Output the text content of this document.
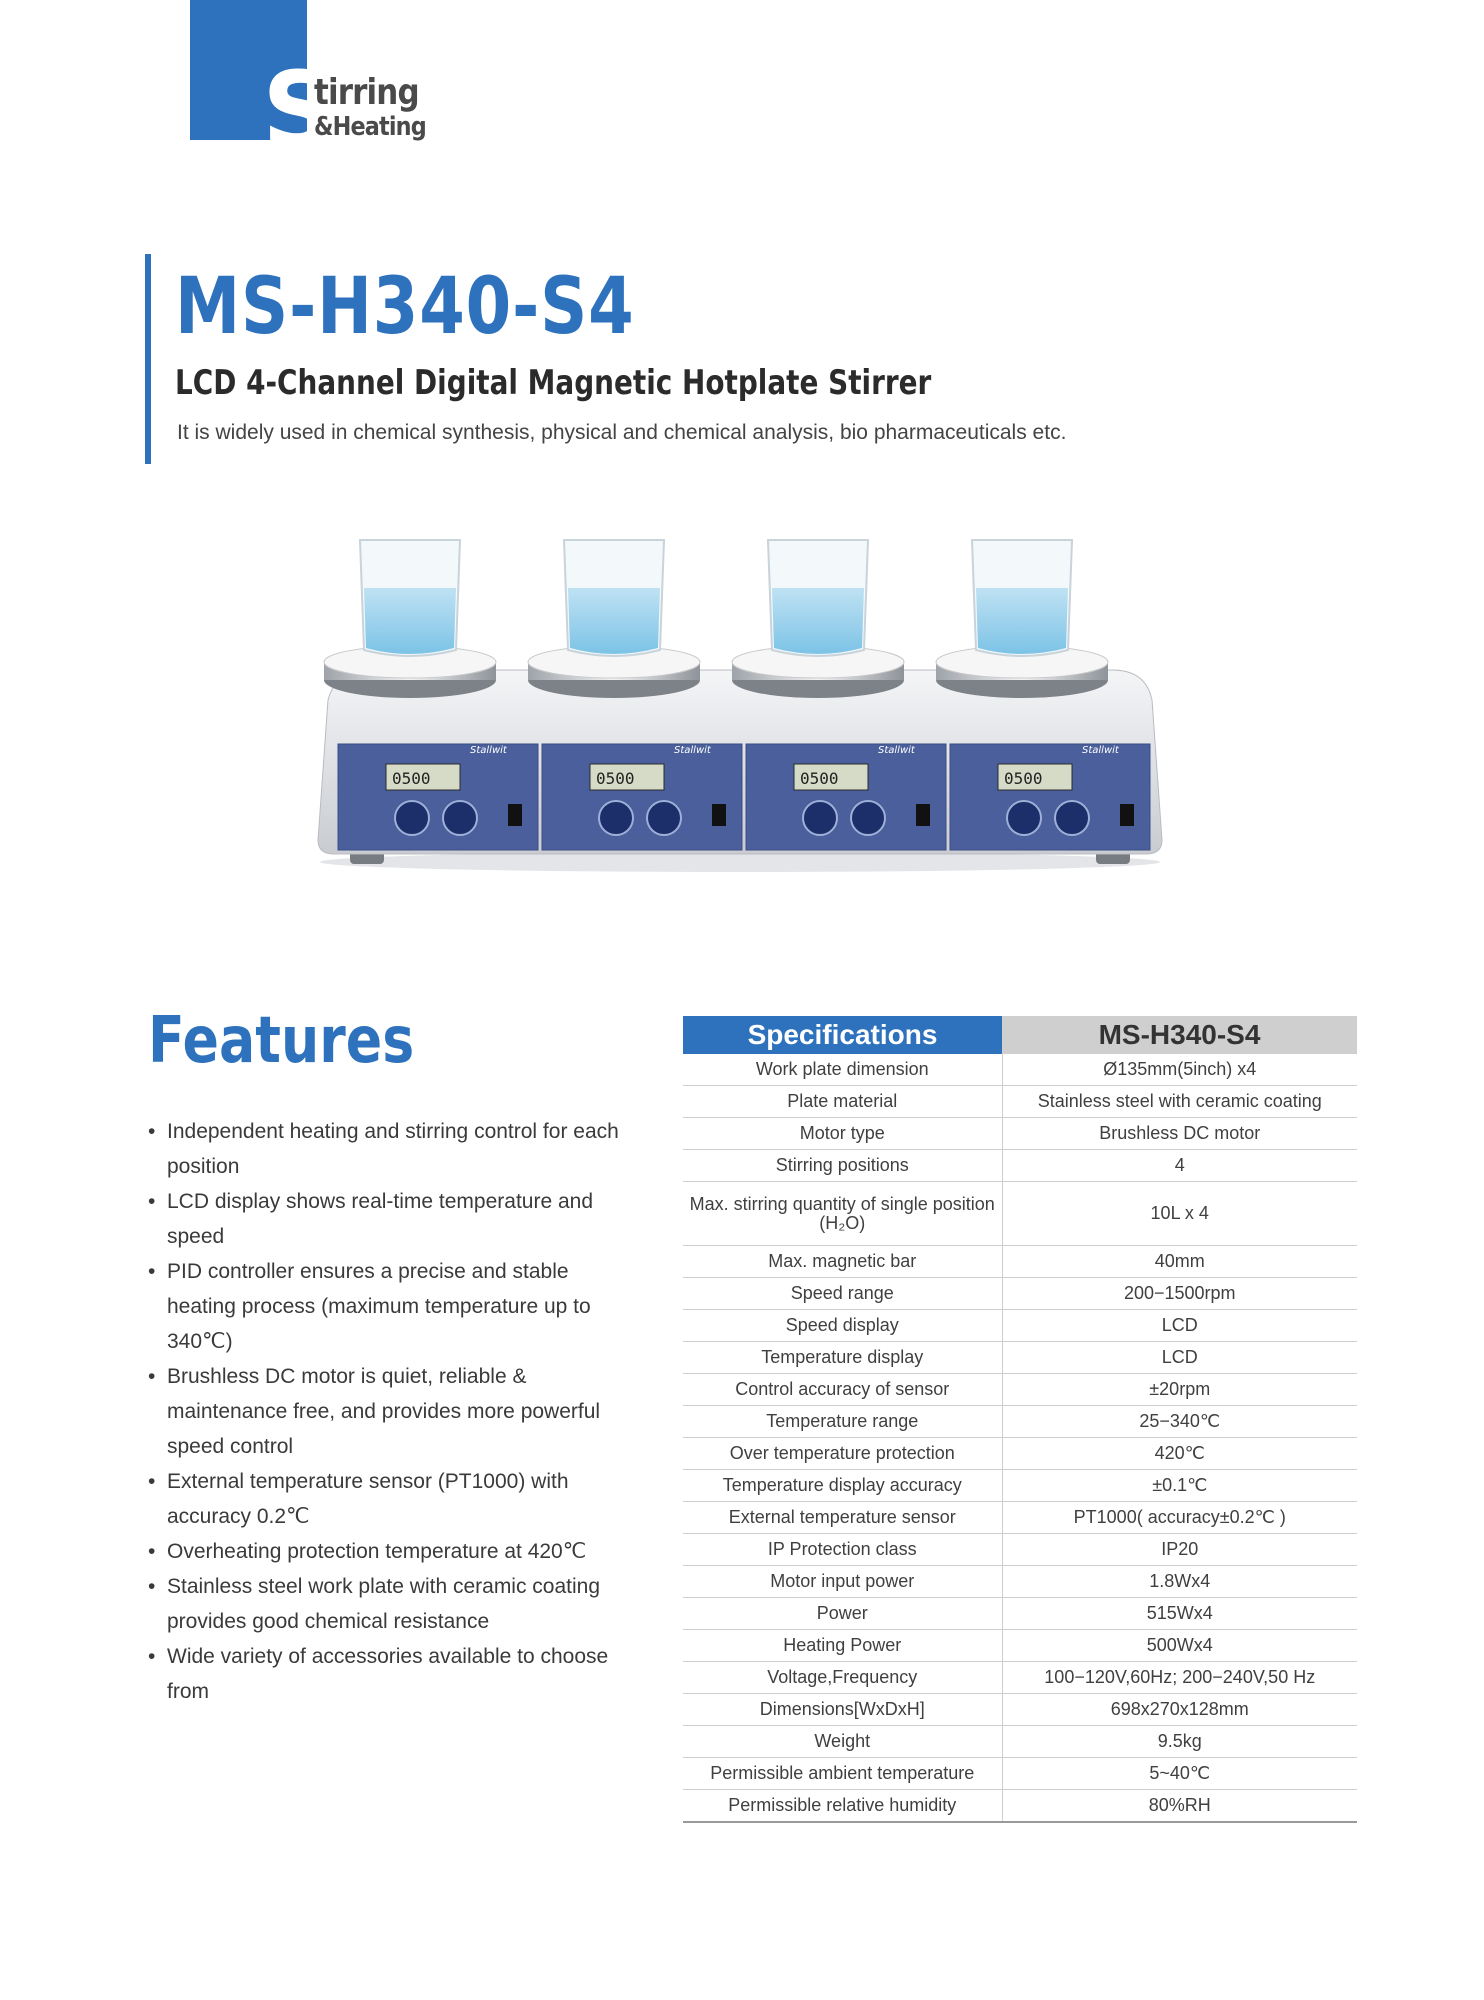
S
tirring
&Heating
MS-H340-S4
LCD 4-Channel Digital Magnetic Hotplate Stirrer
It is widely used in chemical synthesis, physical and chemical analysis, bio pharmaceuticals etc.
0500
Stallwit
Features
• Independent heating and stirring control for each position
• LCD display shows real-time temperature and speed
• PID controller ensures a precise and stable heating process (maximum temperature up to 340℃)
• Brushless DC motor is quiet, reliable & maintenance free, and provides more powerful speed control
• External temperature sensor (PT1000) with accuracy 0.2℃
• Overheating protection temperature at 420℃
• Stainless steel work plate with ceramic coating provides good chemical resistance
• Wide variety of accessories available to choose from
Specifications	MS-H340-S4
Work plate dimension	Ø135mm(5inch) x4
Plate material	Stainless steel with ceramic coating
Motor type	Brushless DC motor
Stirring positions	4
Max. stirring quantity of single position (H₂O)	10L x 4
Max. magnetic bar	40mm
Speed range	200−1500rpm
Speed display	LCD
Temperature display	LCD
Control accuracy of sensor	±20rpm
Temperature range	25−340℃
Over temperature protection	420℃
Temperature display accuracy	±0.1℃
External temperature sensor	PT1000( accuracy±0.2℃ )
IP Protection class	IP20
Motor input power	1.8Wx4
Power	515Wx4
Heating Power	500Wx4
Voltage,Frequency	100−120V,60Hz; 200−240V,50 Hz
Dimensions[WxDxH]	698x270x128mm
Weight	9.5kg
Permissible ambient temperature	5~40℃
Permissible relative humidity	80%RH
